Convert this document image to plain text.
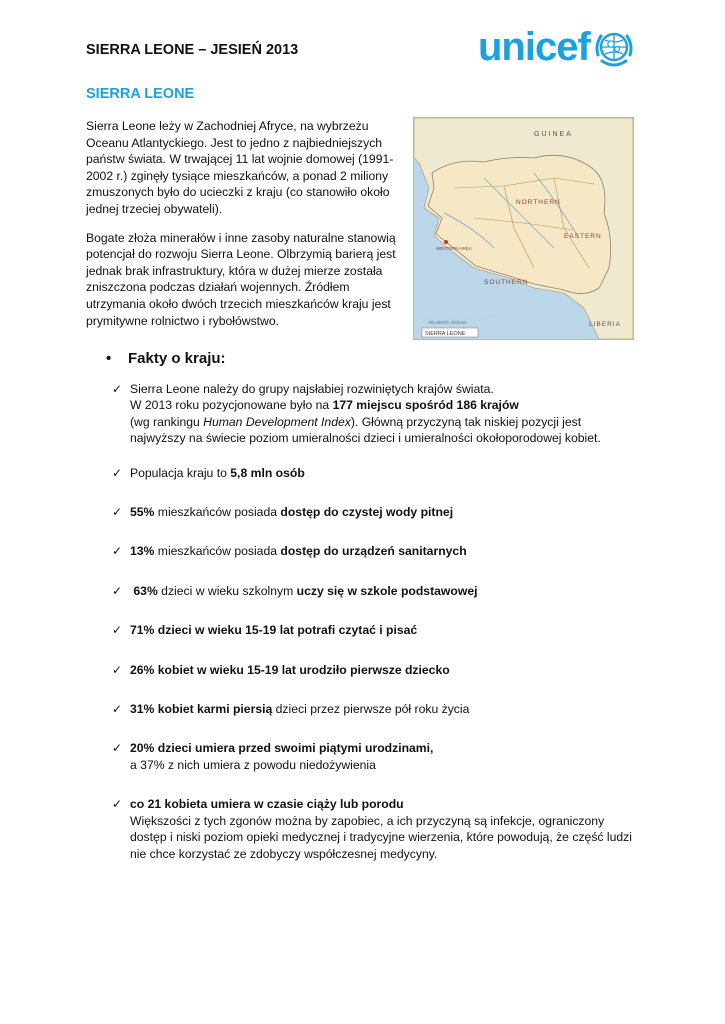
SIERRA LEONE – JESIEŃ 2013	unicef
SIERRA LEONE

Sierra Leone leży w Zachodniej Afryce, na wybrzeżu Oceanu Atlantyckiego. Jest to jedno z najbiedniejszych państw świata. W trwającej 11 lat wojnie domowej (1991-2002 r.) zginęły tysiące mieszkańców, a ponad 2 miliony zmuszonych było do ucieczki z kraju (co stanowiło około jednej trzeciej obywateli).

Bogate złoża minerałów i inne zasoby naturalne stanowią potencjał do rozwoju Sierra Leone. Olbrzymią barierą jest jednak brak infrastruktury, która w dużej mierze została zniszczona podczas działań wojennych. Źródłem utrzymania około dwóch trzecich mieszkańców kraju jest prymitywne rolnictwo i rybołówstwo.

GUINEA
NORTHERN
WESTERN AREA
EASTERN
SOUTHERN
LIBERIA
ATLANTIC OCEAN
SIERRA LEONE
• Fakty o kraju:
✓ Sierra Leone należy do grupy najsłabiej rozwiniętych krajów świata.
W 2013 roku pozycjonowane było na 177 miejscu spośród 186 krajów
(wg rankingu Human Development Index). Główną przyczyną tak niskiej pozycji jest
najwyższy na świecie poziom umieralności dzieci i umieralności okołoporodowej kobiet.
✓ Populacja kraju to 5,8 mln osób
✓ 55% mieszkańców posiada dostęp do czystej wody pitnej
✓ 13% mieszkańców posiada dostęp do urządzeń sanitarnych
✓ 63% dzieci w wieku szkolnym uczy się w szkole podstawowej
✓ 71% dzieci w wieku 15-19 lat potrafi czytać i pisać
✓ 26% kobiet w wieku 15-19 lat urodziło pierwsze dziecko
✓ 31% kobiet karmi piersią dzieci przez pierwsze pół roku życia
✓ 20% dzieci umiera przed swoimi piątymi urodzinami,
a 37% z nich umiera z powodu niedożywienia
✓ co 21 kobieta umiera w czasie ciąży lub porodu
Większości z tych zgonów można by zapobiec, a ich przyczyną są infekcje, ograniczony
dostęp i niski poziom opieki medycznej i tradycyjne wierzenia, które powodują, że część ludzi
nie chce korzystać ze zdobyczy współczesnej medycyny.
